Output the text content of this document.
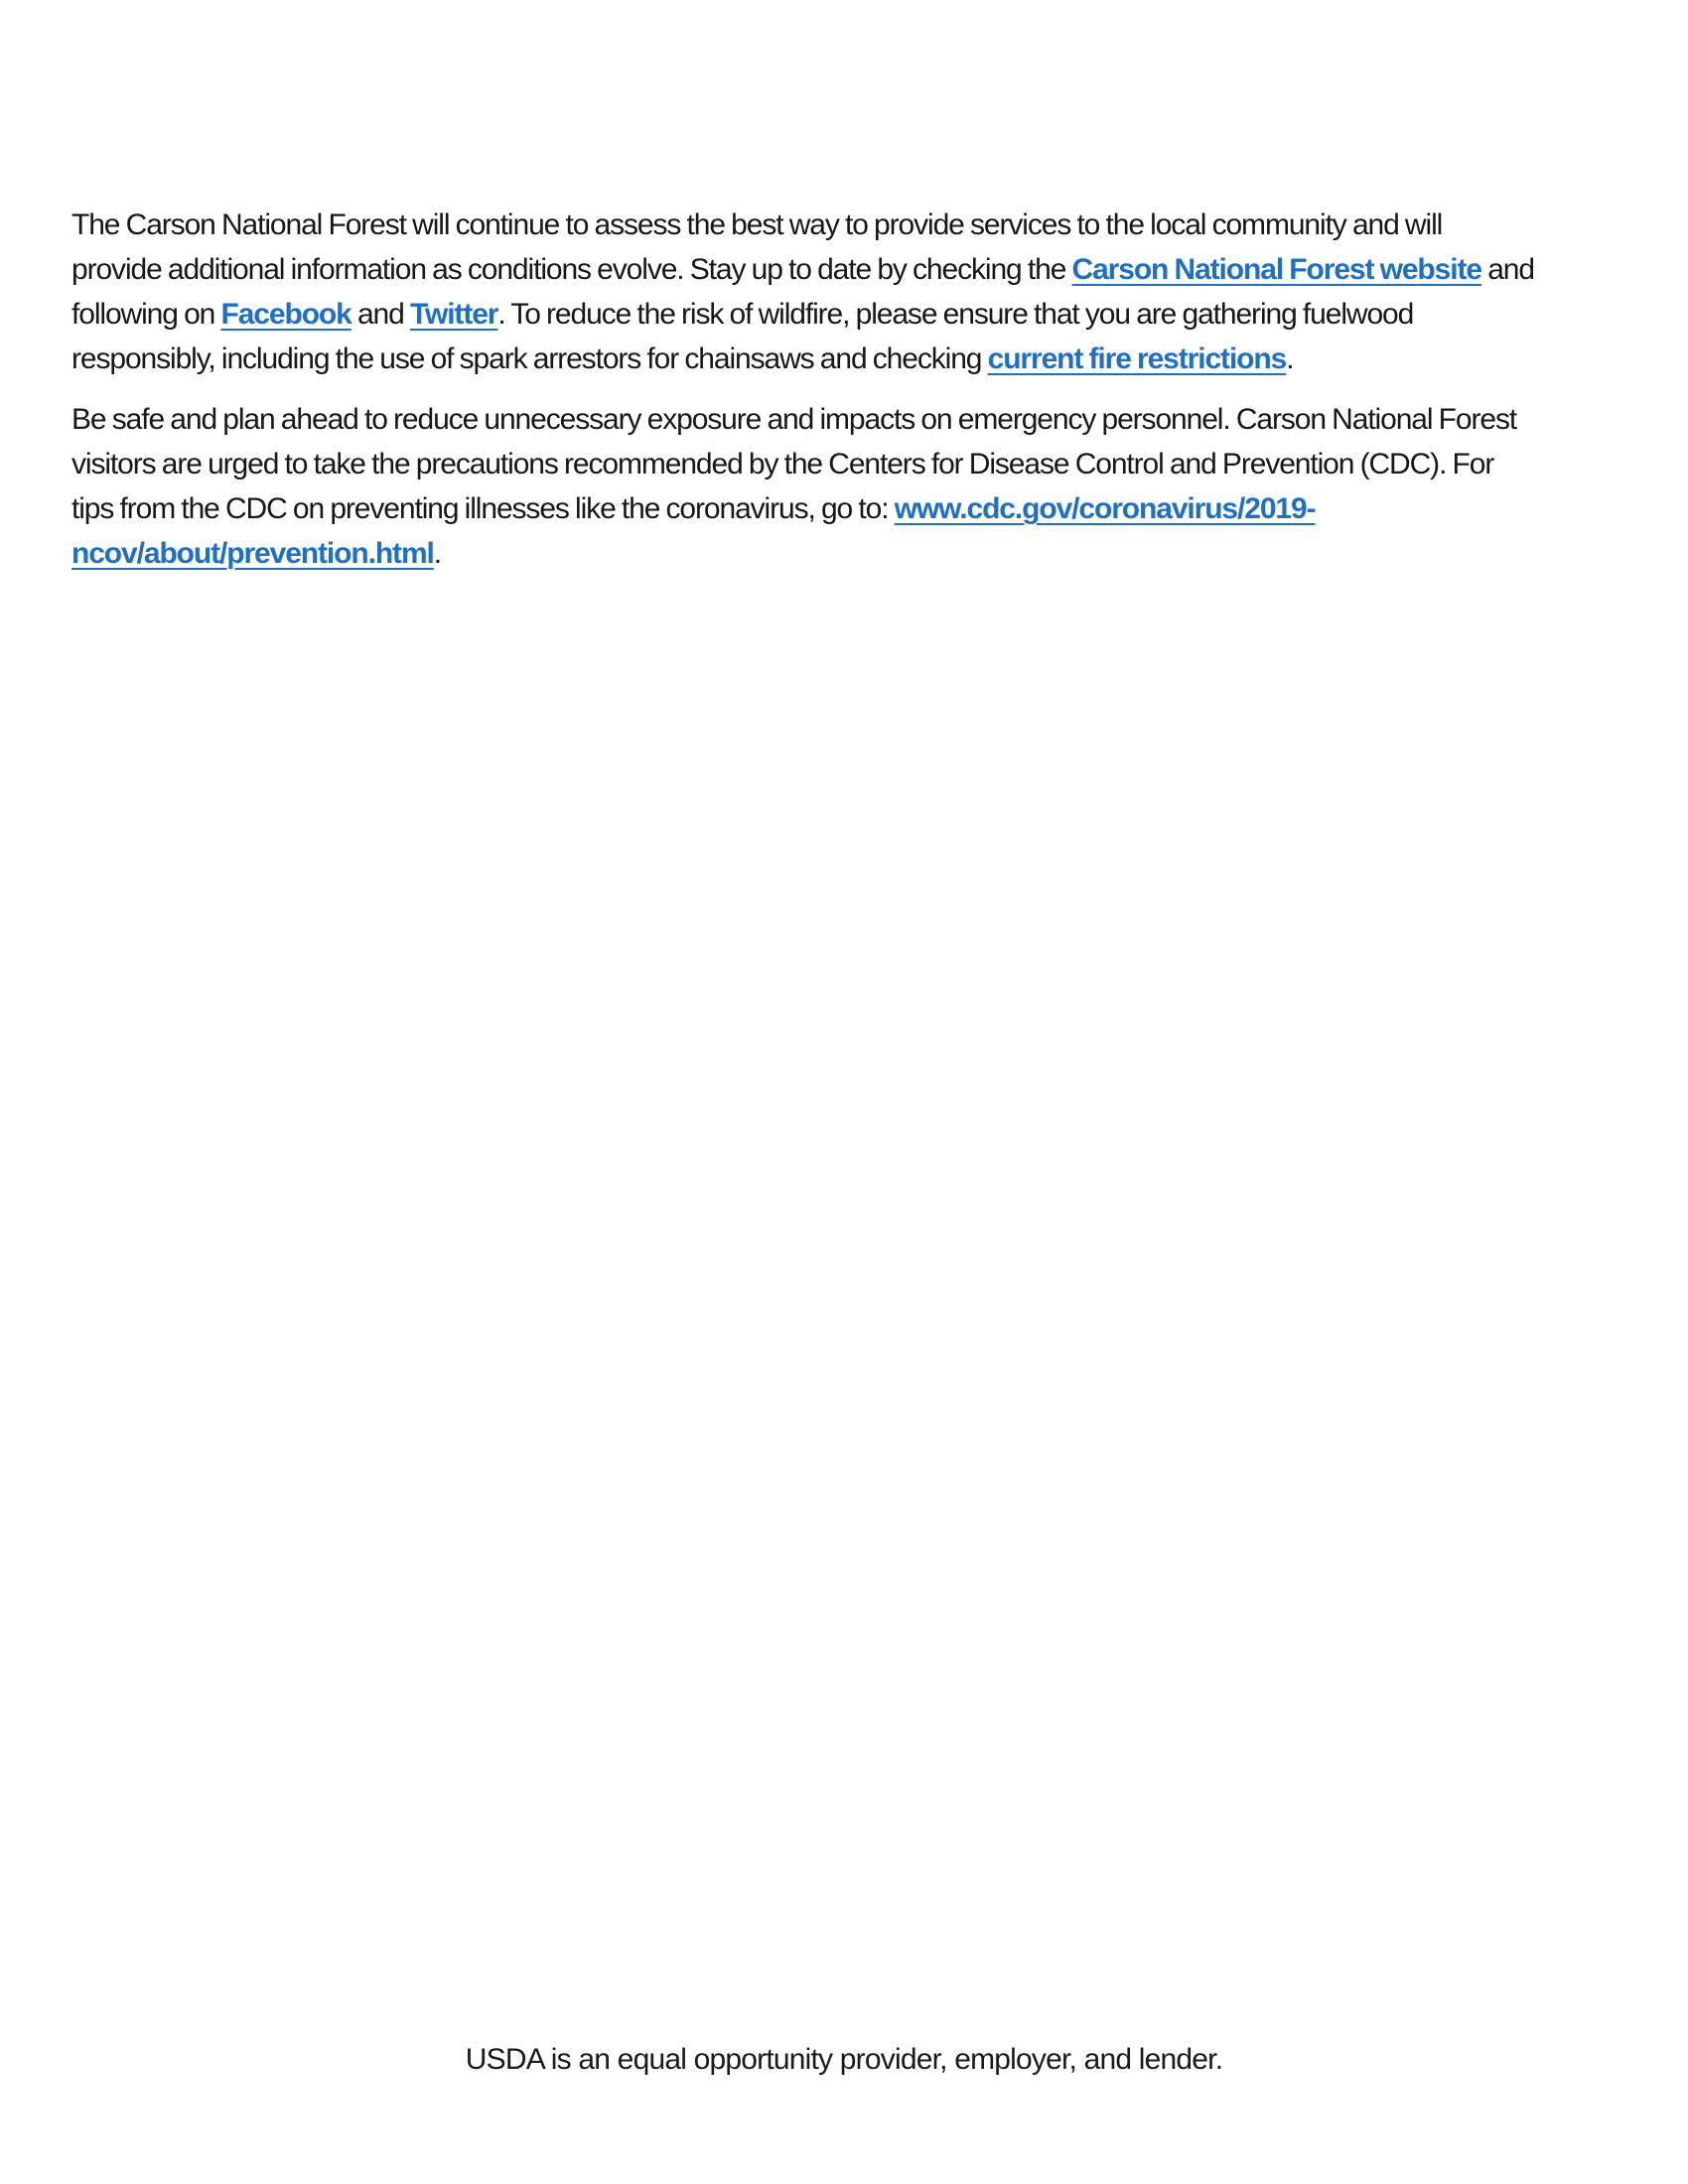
The Carson National Forest will continue to assess the best way to provide services to the local community and will
provide additional information as conditions evolve. Stay up to date by checking the Carson National Forest website and
following on Facebook and Twitter. To reduce the risk of wildfire, please ensure that you are gathering fuelwood
responsibly, including the use of spark arrestors for chainsaws and checking current fire restrictions.

Be safe and plan ahead to reduce unnecessary exposure and impacts on emergency personnel. Carson National Forest
visitors are urged to take the precautions recommended by the Centers for Disease Control and Prevention (CDC). For
tips from the CDC on preventing illnesses like the coronavirus, go to: www.cdc.gov/coronavirus/2019-
ncov/about/prevention.html.

USDA is an equal opportunity provider, employer, and lender.
